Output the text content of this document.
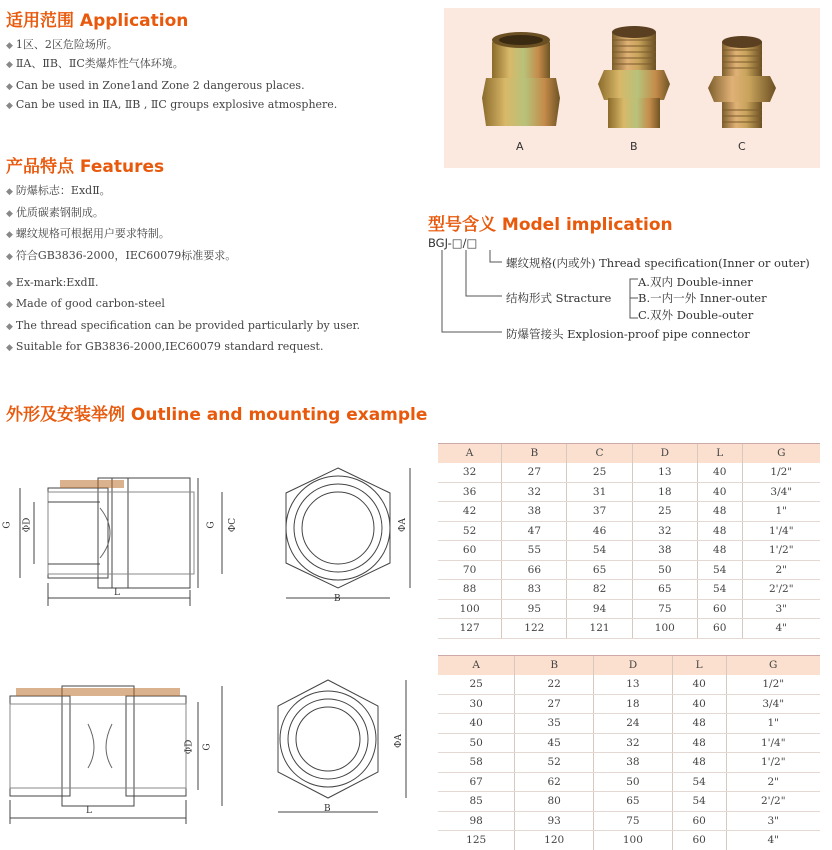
适用范围 Application
◆ 1区、2区危险场所。
◆ ⅡA、ⅡB、ⅡC类爆炸性气体环境。
◆ Can be used in Zone1and Zone 2 dangerous places.
◆ Can be used in ⅡA, ⅡB , ⅡC groups explosive atmosphere.
产品特点 Features
◆ 防爆标志：ExdⅡ。
◆ 优质碳素钢制成。
◆ 螺纹规格可根据用户要求特制。
◆ 符合GB3836-2000，IEC60079标准要求。
◆ Ex-mark:ExdⅡ.
◆ Made of good carbon-steel
◆ The thread specification can be provided particularly by user.
◆ Suitable for GB3836-2000,IEC60079 standard request.
A	B	C
型号含义 Model implication
BGJ-□/□
螺纹规格(内或外) Thread specification(Inner or outer)
结构形式 Stracture
A.双内 Double-inner
B.一内一外 Inner-outer
C.双外 Double-outer
防爆管接头 Explosion-proof pipe connector
外形及安装举例 Outline and mounting example
G ΦD	G ΦC
L
ΦA
B
ΦD G
L
ΦA
B
A	B	C	D	L	G
32	27	25	13	40	1/2"
36	32	31	18	40	3/4"
42	38	37	25	48	1"
52	47	46	32	48	1'/4"
60	55	54	38	48	1'/2"
70	66	65	50	54	2"
88	83	82	65	54	2'/2"
100	95	94	75	60	3"
127	122	121	100	60	4"
A	B	D	L	G
25	22	13	40	1/2"
30	27	18	40	3/4"
40	35	24	48	1"
50	45	32	48	1'/4"
58	52	38	48	1'/2"
67	62	50	54	2"
85	80	65	54	2'/2"
98	93	75	60	3"
125	120	100	60	4"
